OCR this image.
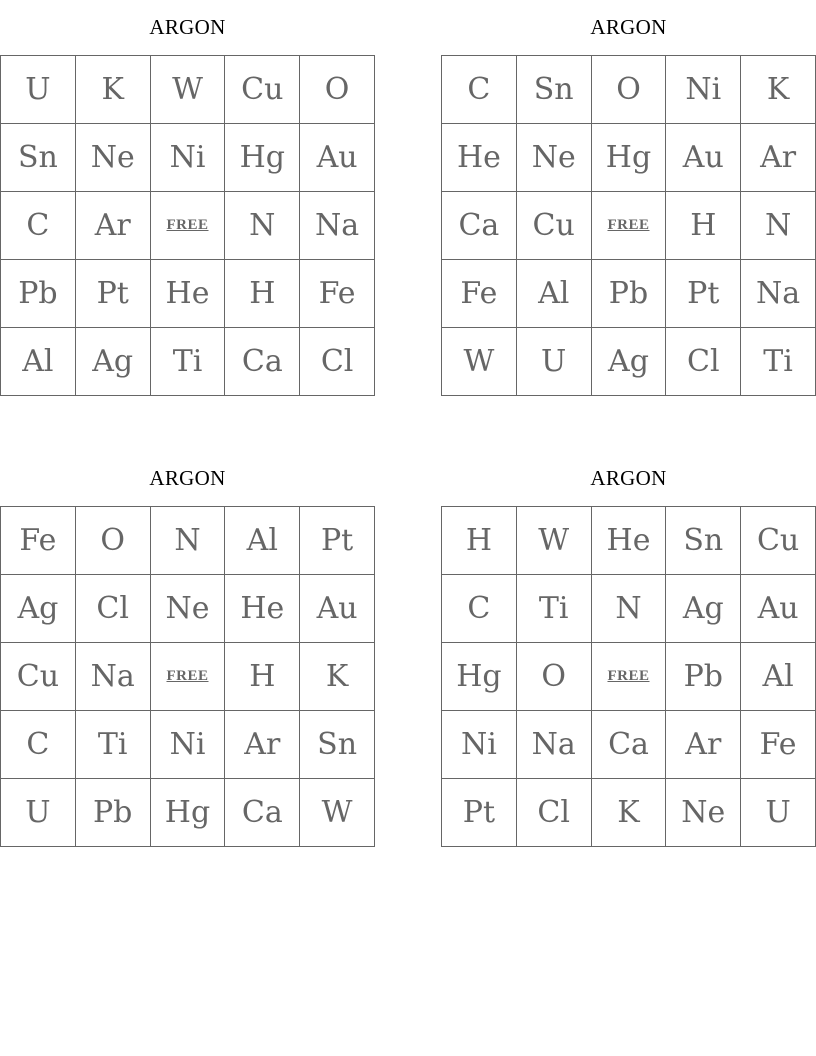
ARGON
U	K	W	Cu	O
Sn	Ne	Ni	Hg	Au
C	Ar	FREE	N	Na
Pb	Pt	He	H	Fe
Al	Ag	Ti	Ca	Cl
ARGON
C	Sn	O	Ni	K
He	Ne	Hg	Au	Ar
Ca	Cu	FREE	H	N
Fe	Al	Pb	Pt	Na
W	U	Ag	Cl	Ti
ARGON
Fe	O	N	Al	Pt
Ag	Cl	Ne	He	Au
Cu	Na	FREE	H	K
C	Ti	Ni	Ar	Sn
U	Pb	Hg	Ca	W
ARGON
H	W	He	Sn	Cu
C	Ti	N	Ag	Au
Hg	O	FREE	Pb	Al
Ni	Na	Ca	Ar	Fe
Pt	Cl	K	Ne	U
